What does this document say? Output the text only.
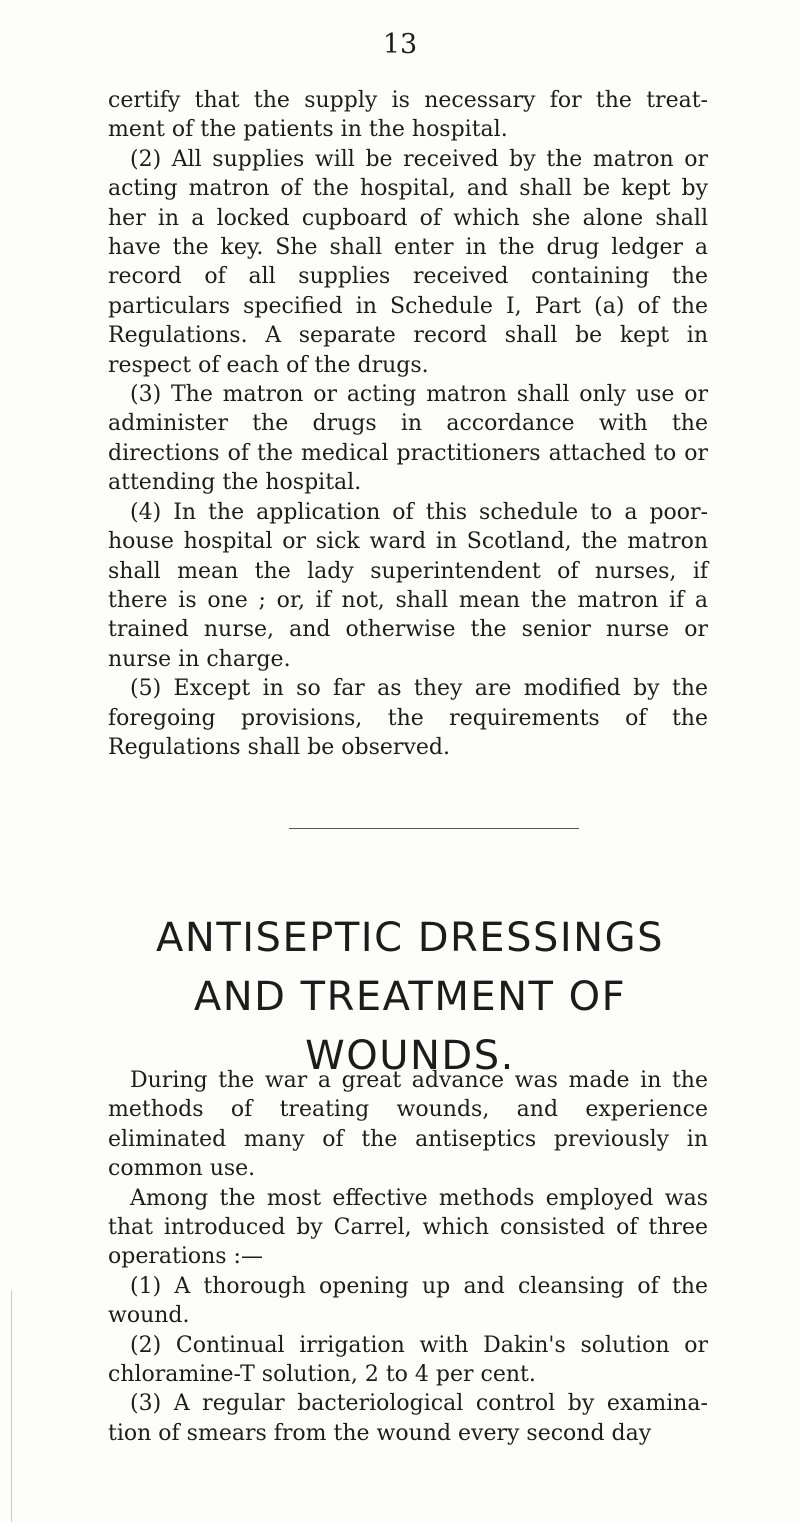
13

certify that the supply is necessary for the treat- ment of the patients in the hospital.

(2) All supplies will be received by the matron or acting matron of the hospital, and shall be kept by her in a locked cupboard of which she alone shall have the key. She shall enter in the drug ledger a record of all supplies received containing the particulars specified in Schedule I, Part (a) of the Regulations. A separate record shall be kept in respect of each of the drugs.

(3) The matron or acting matron shall only use or administer the drugs in accordance with the directions of the medical practitioners attached to or attending the hospital.

(4) In the application of this schedule to a poor-house hospital or sick ward in Scotland, the matron shall mean the lady superintendent of nurses, if there is one ; or, if not, shall mean the matron if a trained nurse, and otherwise the senior nurse or nurse in charge.

(5) Except in so far as they are modified by the foregoing provisions, the requirements of the Regulations shall be observed.

ANTISEPTIC DRESSINGS
AND TREATMENT OF
WOUNDS.

During the war a great advance was made in the methods of treating wounds, and experience eliminated many of the antiseptics previously in common use.

Among the most effective methods employed was that introduced by Carrel, which consisted of three operations :—

(1) A thorough opening up and cleansing of the wound.

(2) Continual irrigation with Dakin's solution or chloramine-T solution, 2 to 4 per cent.

(3) A regular bacteriological control by examina- tion of smears from the wound every second day
